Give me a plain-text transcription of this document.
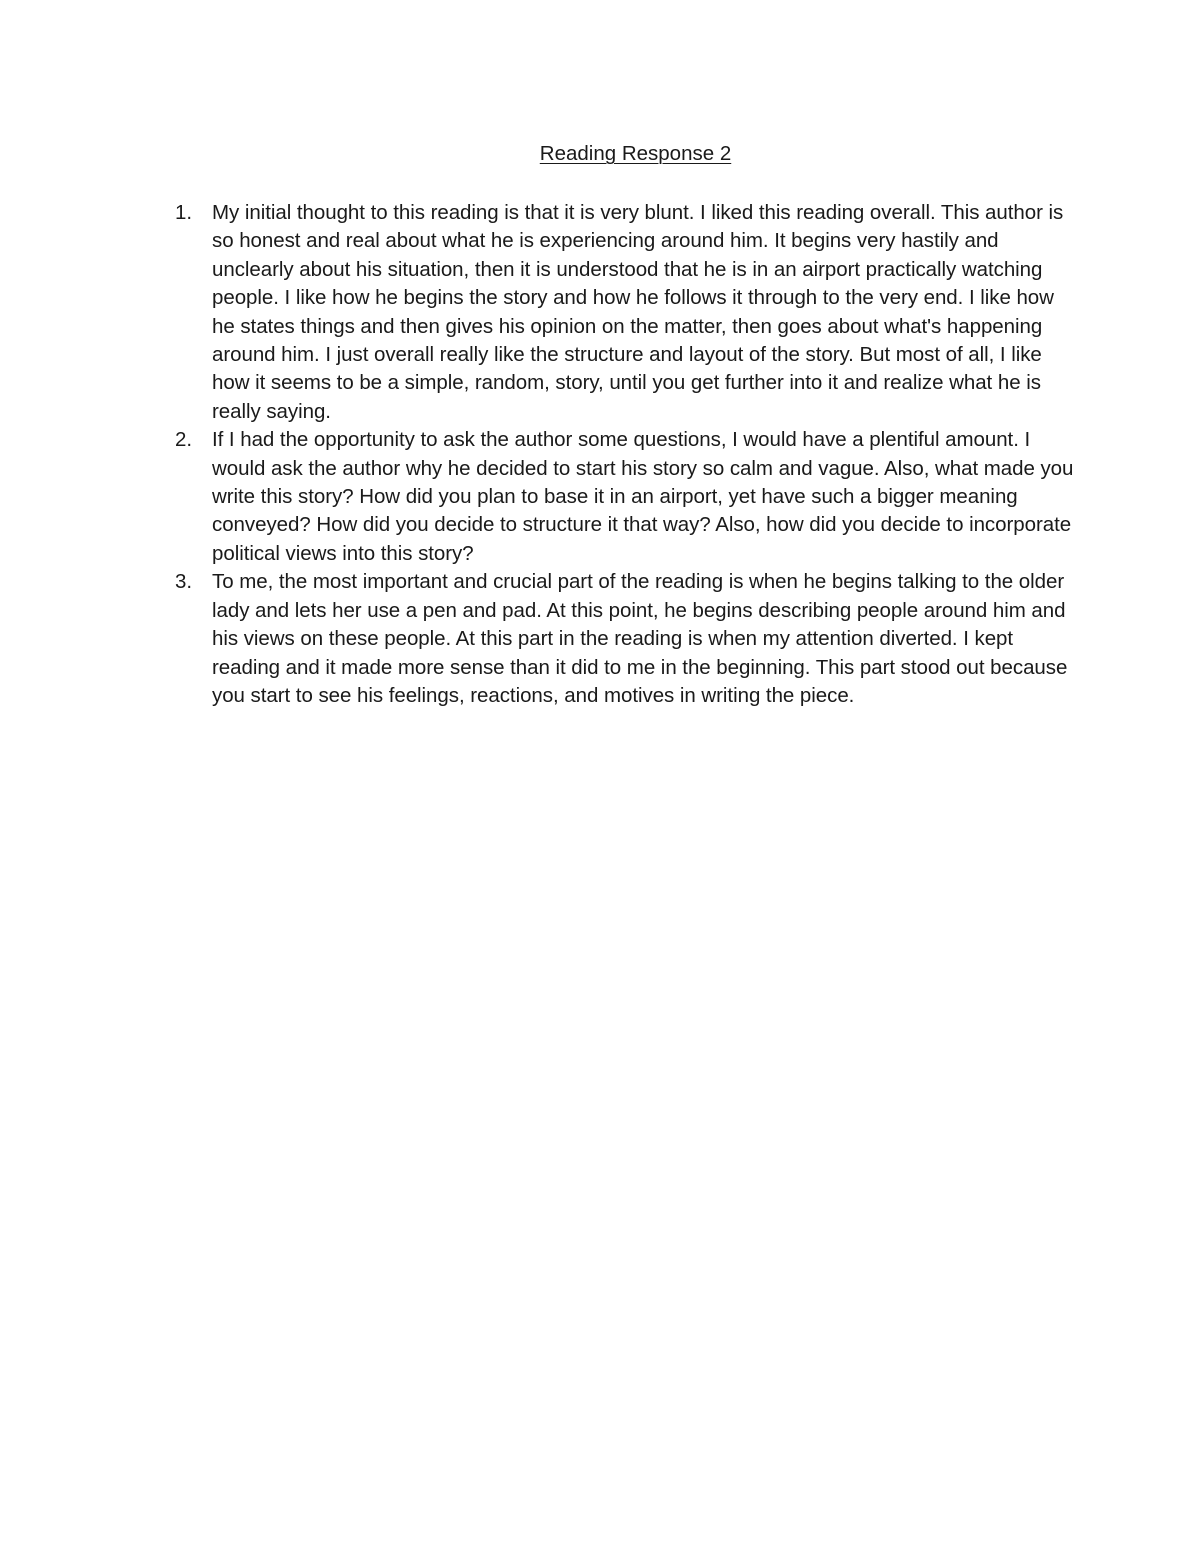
Reading Response 2
1. My initial thought to this reading is that it is very blunt. I liked this reading overall. This author is so honest and real about what he is experiencing around him. It begins very hastily and unclearly about his situation, then it is understood that he is in an airport practically watching people. I like how he begins the story and how he follows it through to the very end. I like how he states things and then gives his opinion on the matter, then goes about what's happening around him. I just overall really like the structure and layout of the story. But most of all, I like how it seems to be a simple, random, story, until you get further into it and realize what he is really saying.
2. If I had the opportunity to ask the author some questions, I would have a plentiful amount. I would ask the author why he decided to start his story so calm and vague. Also, what made you write this story? How did you plan to base it in an airport, yet have such a bigger meaning conveyed? How did you decide to structure it that way? Also, how did you decide to incorporate political views into this story?
3. To me, the most important and crucial part of the reading is when he begins talking to the older lady and lets her use a pen and pad. At this point, he begins describing people around him and his views on these people. At this part in the reading is when my attention diverted. I kept reading and it made more sense than it did to me in the beginning. This part stood out because you start to see his feelings, reactions, and motives in writing the piece.
